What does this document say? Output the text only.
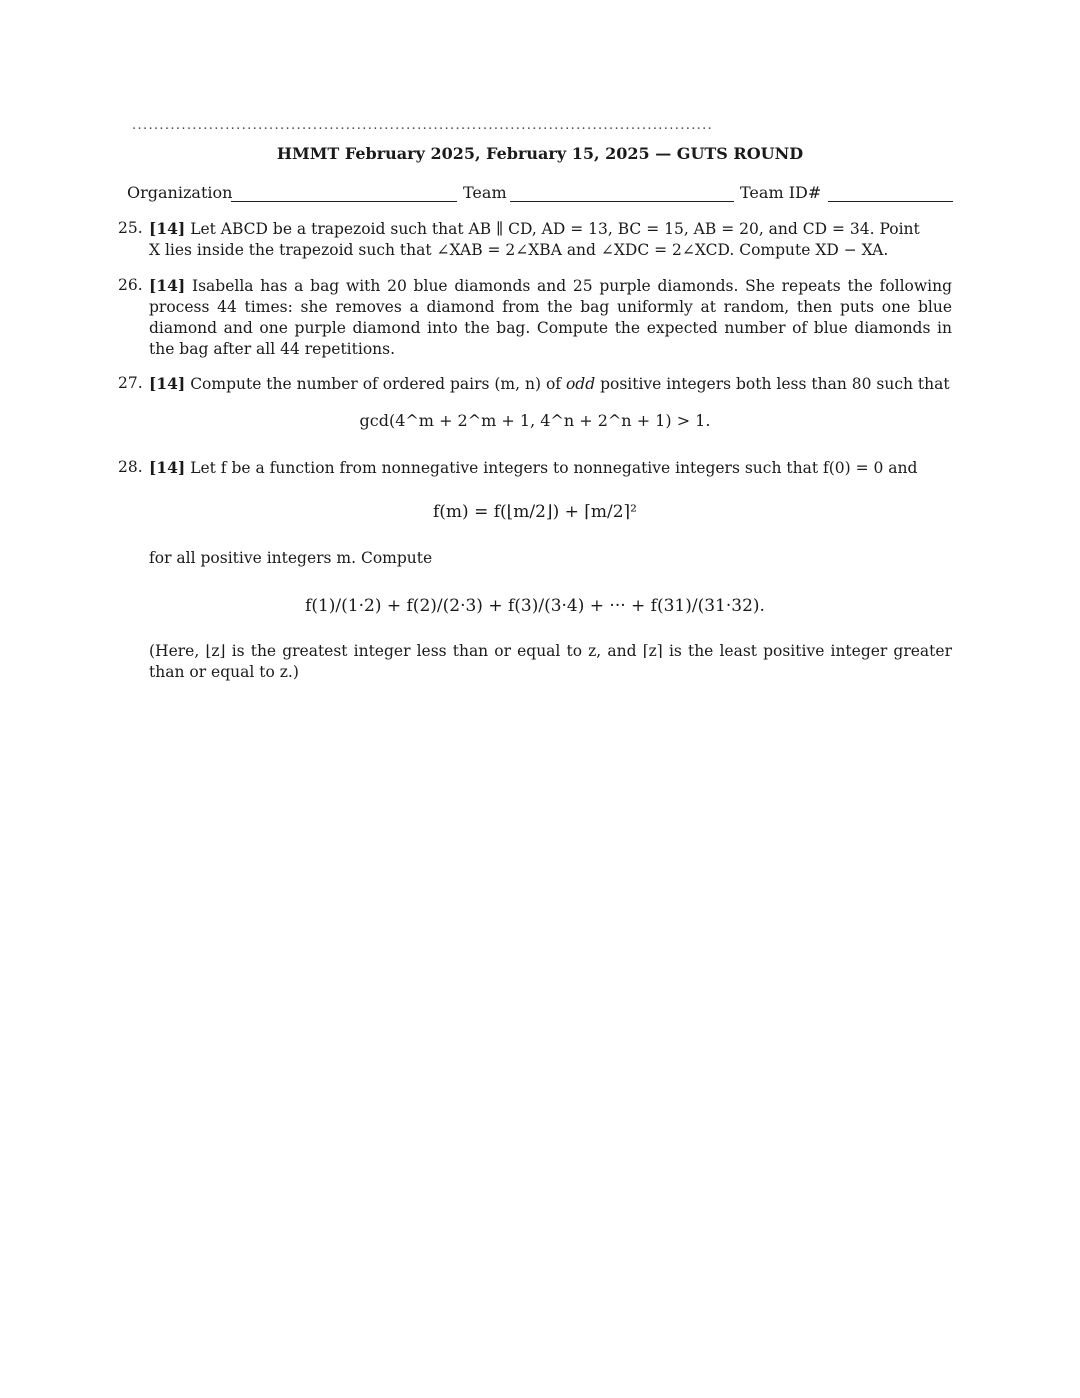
..........................................................................................................
HMMT February 2025, February 15, 2025 — GUTS ROUND
Organization	Team	Team ID#
25. [14] Let ABCD be a trapezoid such that AB ∥ CD, AD = 13, BC = 15, AB = 20, and CD = 34. Point
X lies inside the trapezoid such that ∠XAB = 2∠XBA and ∠XDC = 2∠XCD. Compute XD − XA.
26. [14] Isabella has a bag with 20 blue diamonds and 25 purple diamonds. She repeats the following process 44 times: she removes a diamond from the bag uniformly at random, then puts one blue diamond and one purple diamond into the bag. Compute the expected number of blue diamonds in the bag after all 44 repetitions.
27. [14] Compute the number of ordered pairs (m, n) of odd positive integers both less than 80 such that
gcd(4^m + 2^m + 1, 4^n + 2^n + 1) > 1.
28. [14] Let f be a function from nonnegative integers to nonnegative integers such that f(0) = 0 and
f(m) = f(⌊m/2⌋) + ⌈m/2⌉²
for all positive integers m. Compute
f(1)/(1·2) + f(2)/(2·3) + f(3)/(3·4) + ··· + f(31)/(31·32).
(Here, ⌊z⌋ is the greatest integer less than or equal to z, and ⌈z⌉ is the least positive integer greater than or equal to z.)
